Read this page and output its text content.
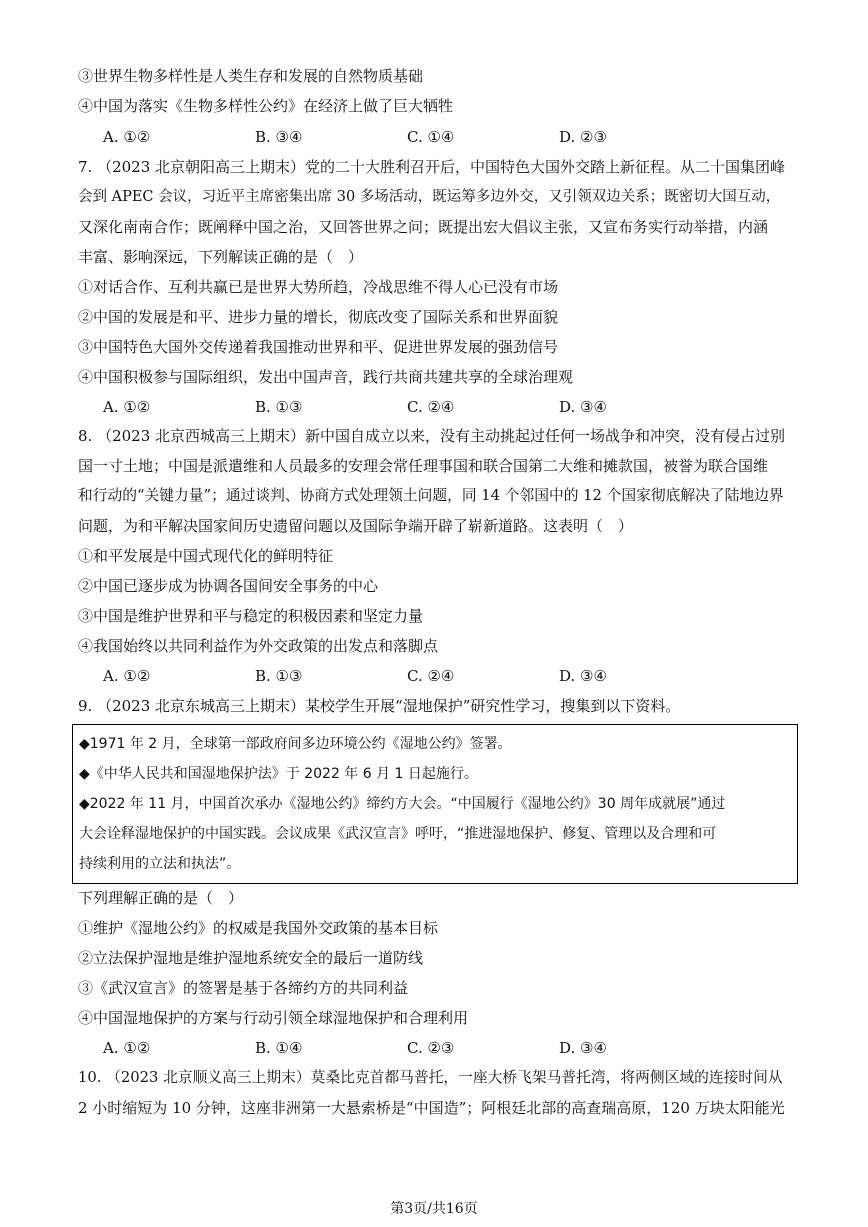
③世界生物多样性是人类生存和发展的自然物质基础
④中国为落实《生物多样性公约》在经济上做了巨大牺牲
A. ①②	B. ③④	C. ①④	D. ②③
7. （2023 北京朝阳高三上期末）党的二十大胜利召开后，中国特色大国外交踏上新征程。从二十国集团峰
会到 APEC 会议，习近平主席密集出席 30 多场活动，既运筹多边外交，又引领双边关系；既密切大国互动，
又深化南南合作；既阐释中国之治，又回答世界之问；既提出宏大倡议主张，又宣布务实行动举措，内涵
丰富、影响深远，下列解读正确的是（　）
①对话合作、互利共赢已是世界大势所趋，冷战思维不得人心已没有市场
②中国的发展是和平、进步力量的增长，彻底改变了国际关系和世界面貌
③中国特色大国外交传递着我国推动世界和平、促进世界发展的强劲信号
④中国积极参与国际组织，发出中国声音，践行共商共建共享的全球治理观
A. ①②	B. ①③	C. ②④	D. ③④
8. （2023 北京西城高三上期末）新中国自成立以来，没有主动挑起过任何一场战争和冲突，没有侵占过别
国一寸土地；中国是派遣维和人员最多的安理会常任理事国和联合国第二大维和摊款国，被誉为联合国维
和行动的“关键力量”；通过谈判、协商方式处理领土问题，同 14 个邻国中的 12 个国家彻底解决了陆地边界
问题，为和平解决国家间历史遗留问题以及国际争端开辟了崭新道路。这表明（　）
①和平发展是中国式现代化的鲜明特征
②中国已逐步成为协调各国间安全事务的中心
③中国是维护世界和平与稳定的积极因素和坚定力量
④我国始终以共同利益作为外交政策的出发点和落脚点
A. ①②	B. ①③	C. ②④	D. ③④
9. （2023 北京东城高三上期末）某校学生开展“湿地保护”研究性学习，搜集到以下资料。
◆1971 年 2 月，全球第一部政府间多边环境公约《湿地公约》签署。
◆《中华人民共和国湿地保护法》于 2022 年 6 月 1 日起施行。
◆2022 年 11 月，中国首次承办《湿地公约》缔约方大会。“中国履行《湿地公约》30 周年成就展”通过
大会诠释湿地保护的中国实践。会议成果《武汉宣言》呼吁，“推进湿地保护、修复、管理以及合理和可
持续利用的立法和执法”。
下列理解正确的是（　）
①维护《湿地公约》的权威是我国外交政策的基本目标
②立法保护湿地是维护湿地系统安全的最后一道防线
③《武汉宣言》的签署是基于各缔约方的共同利益
④中国湿地保护的方案与行动引领全球湿地保护和合理利用
A. ①②	B. ①④	C. ②③	D. ③④
10. （2023 北京顺义高三上期末）莫桑比克首都马普托，一座大桥飞架马普托湾，将两侧区域的连接时间从
2 小时缩短为 10 分钟，这座非洲第一大悬索桥是“中国造”；阿根廷北部的高查瑞高原，120 万块太阳能光
第3页/共16页
